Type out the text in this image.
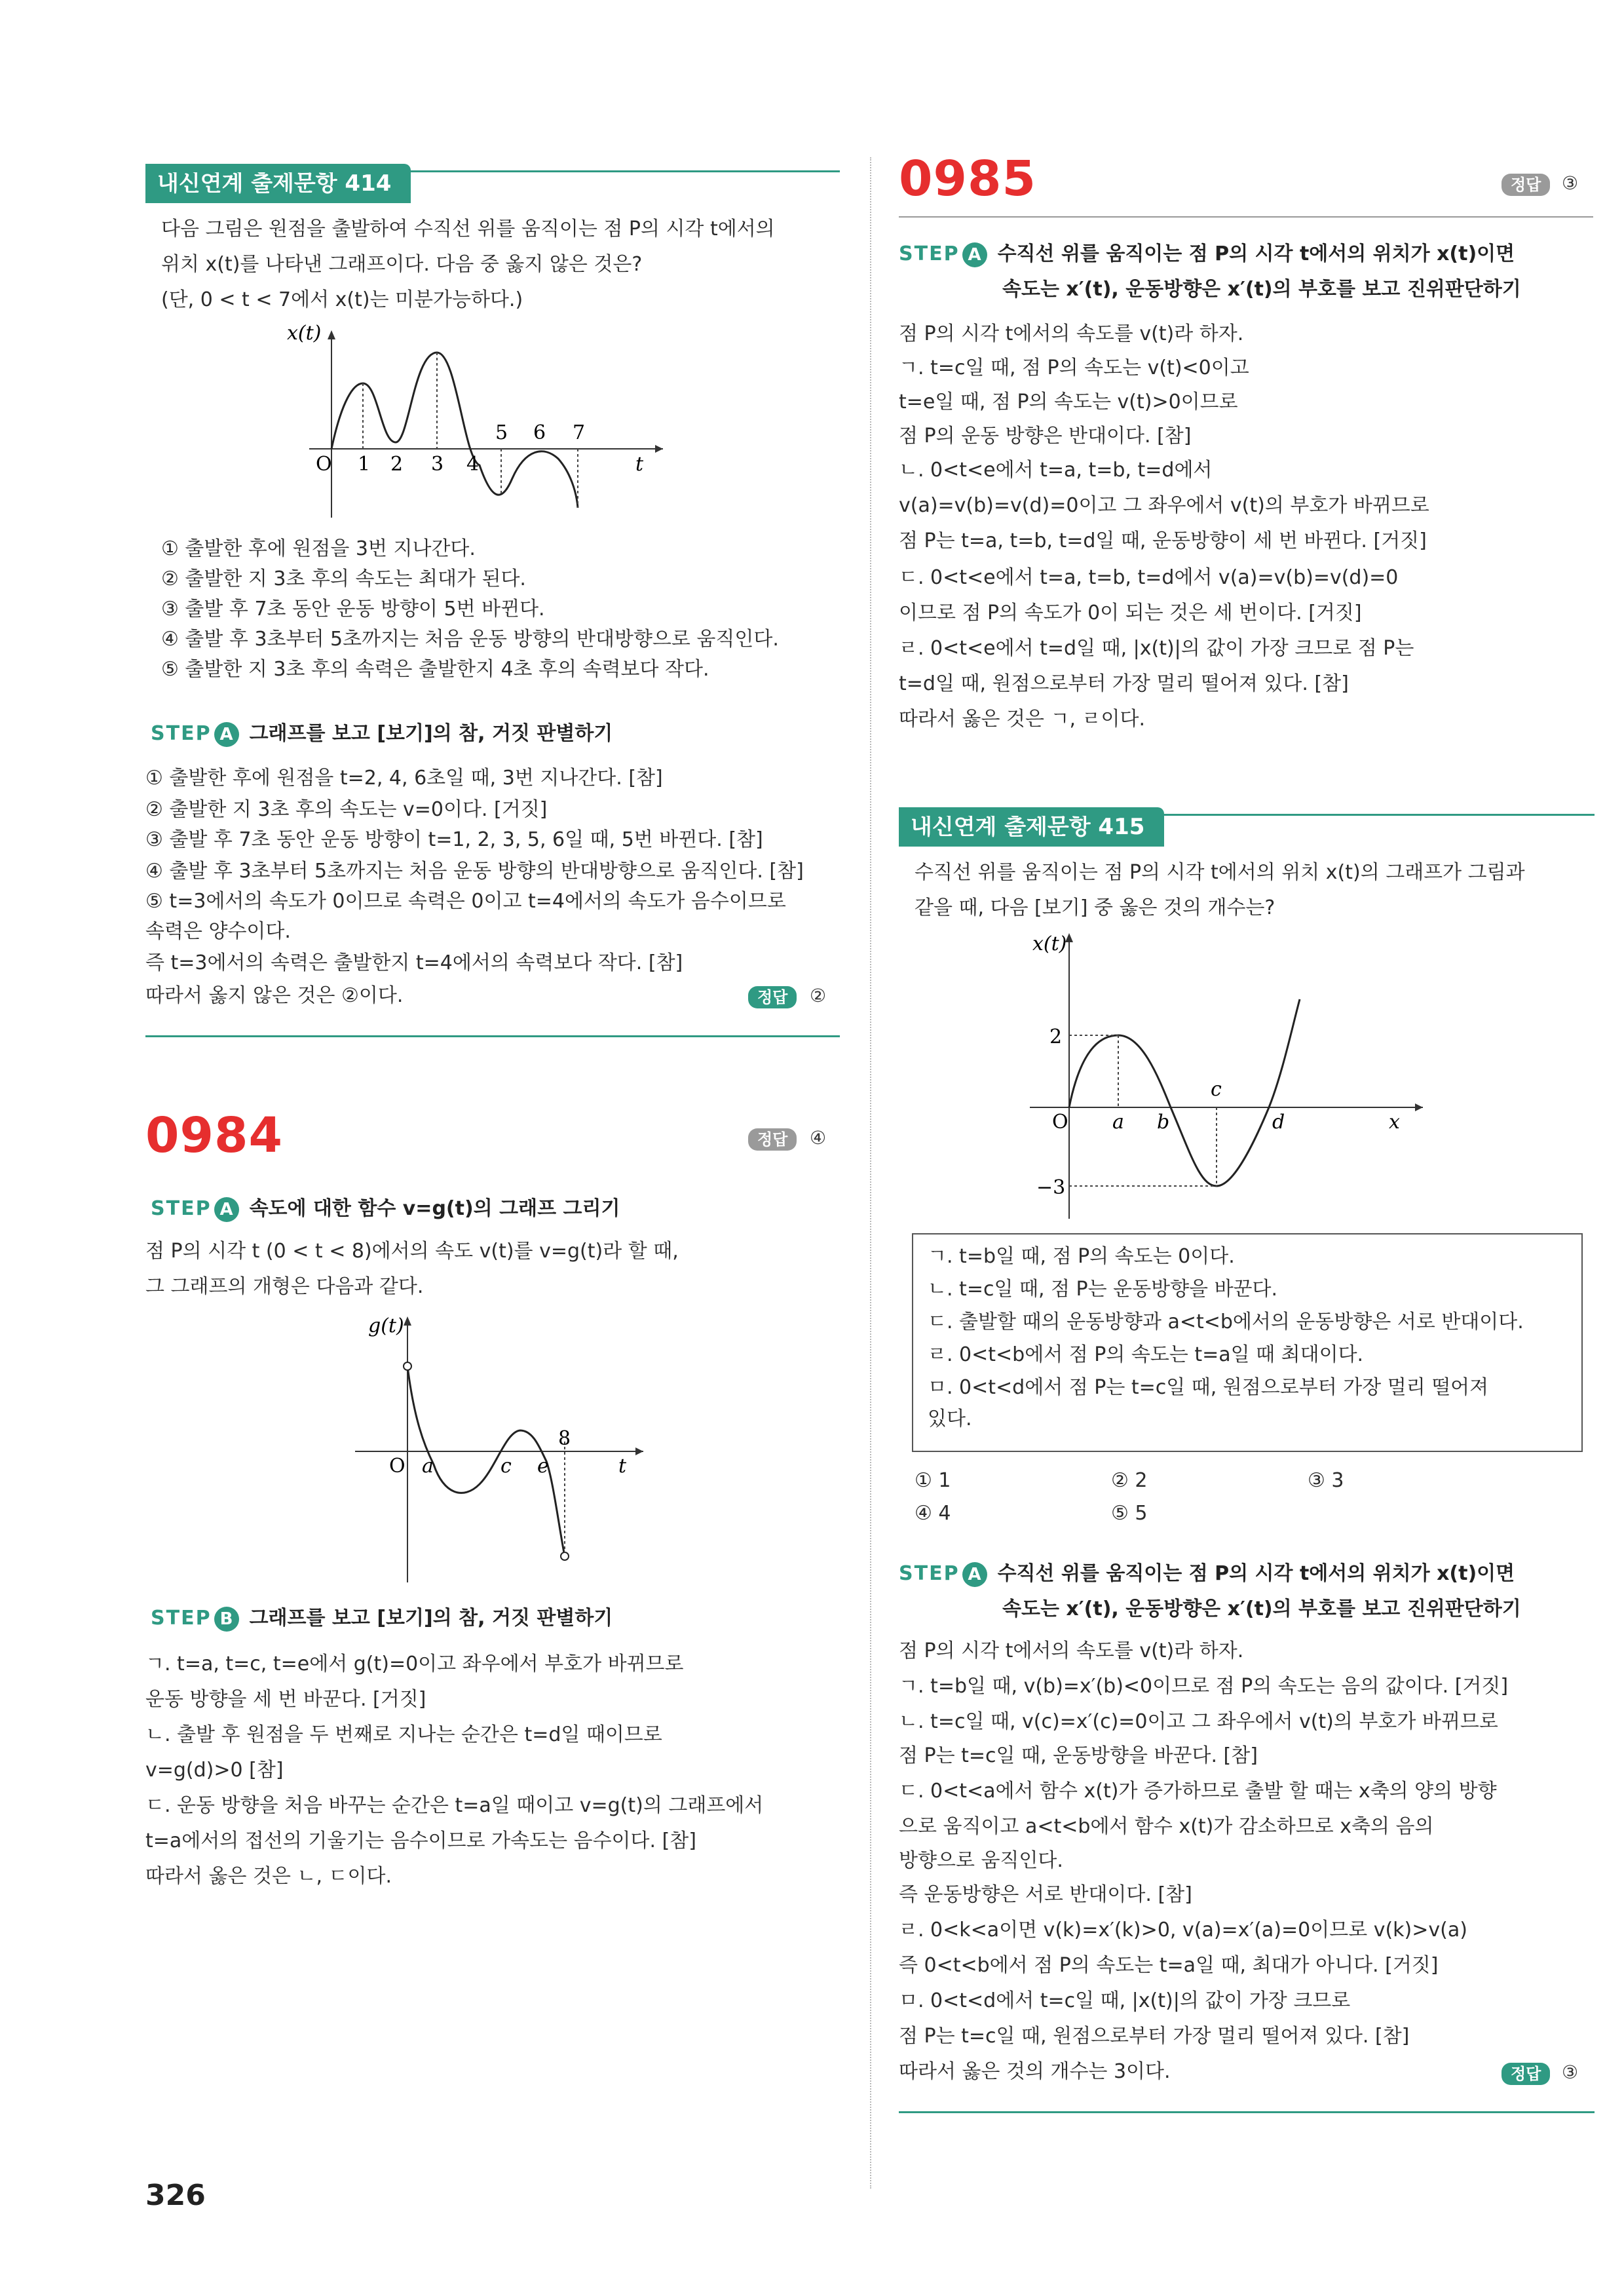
내신연계 출제문항 414
다음 그림은 원점을 출발하여 수직선 위를 움직이는 점 P의 시각 t에서의
위치 x(t)를 나타낸 그래프이다. 다음 중 옳지 않은 것은?
(단, 0 < t < 7에서 x(t)는 미분가능하다.)
x(t)
O 1 2 3 4
5 6 7
t
① 출발한 후에 원점을 3번 지나간다.
② 출발한 지 3초 후의 속도는 최대가 된다.
③ 출발 후 7초 동안 운동 방향이 5번 바뀐다.
④ 출발 후 3초부터 5초까지는 처음 운동 방향의 반대방향으로 움직인다.
⑤ 출발한 지 3초 후의 속력은 출발한지 4초 후의 속력보다 작다.
STEP A 그래프를 보고 [보기]의 참, 거짓 판별하기
① 출발한 후에 원점을 t=2, 4, 6초일 때, 3번 지나간다. [참]
② 출발한 지 3초 후의 속도는 v=0이다. [거짓]
③ 출발 후 7초 동안 운동 방향이 t=1, 2, 3, 5, 6일 때, 5번 바뀐다. [참]
④ 출발 후 3초부터 5초까지는 처음 운동 방향의 반대방향으로 움직인다. [참]
⑤ t=3에서의 속도가 0이므로 속력은 0이고 t=4에서의 속도가 음수이므로
속력은 양수이다.
즉 t=3에서의 속력은 출발한지 t=4에서의 속력보다 작다. [참]
따라서 옳지 않은 것은 ②이다.	정답	②
0984	정답	④
STEP A 속도에 대한 함수 v=g(t)의 그래프 그리기
점 P의 시각 t (0 < t < 8)에서의 속도 v(t)를 v=g(t)라 할 때,
그 그래프의 개형은 다음과 같다.
g(t)
O a	c e
8
t
STEP B 그래프를 보고 [보기]의 참, 거짓 판별하기
ㄱ. t=a, t=c, t=e에서 g(t)=0이고 좌우에서 부호가 바뀌므로
운동 방향을 세 번 바꾼다. [거짓]
ㄴ. 출발 후 원점을 두 번째로 지나는 순간은 t=d일 때이므로
v=g(d)>0 [참]
ㄷ. 운동 방향을 처음 바꾸는 순간은 t=a일 때이고 v=g(t)의 그래프에서
t=a에서의 접선의 기울기는 음수이므로 가속도는 음수이다. [참]
따라서 옳은 것은 ㄴ, ㄷ이다.
0985	정답	③
STEP A 수직선 위를 움직이는 점 P의 시각 t에서의 위치가 x(t)이면
속도는 x′(t), 운동방향은 x′(t)의 부호를 보고 진위판단하기
점 P의 시각 t에서의 속도를 v(t)라 하자.
ㄱ. t=c일 때, 점 P의 속도는 v(t)<0이고
t=e일 때, 점 P의 속도는 v(t)>0이므로
점 P의 운동 방향은 반대이다. [참]
ㄴ. 0<t<e에서 t=a, t=b, t=d에서
v(a)=v(b)=v(d)=0이고 그 좌우에서 v(t)의 부호가 바뀌므로
점 P는 t=a, t=b, t=d일 때, 운동방향이 세 번 바뀐다. [거짓]
ㄷ. 0<t<e에서 t=a, t=b, t=d에서 v(a)=v(b)=v(d)=0
이므로 점 P의 속도가 0이 되는 것은 세 번이다. [거짓]
ㄹ. 0<t<e에서 t=d일 때, |x(t)|의 값이 가장 크므로 점 P는
t=d일 때, 원점으로부터 가장 멀리 떨어져 있다. [참]
따라서 옳은 것은 ㄱ, ㄹ이다.
내신연계 출제문항 415
수직선 위를 움직이는 점 P의 시각 t에서의 위치 x(t)의 그래프가 그림과
같을 때, 다음 [보기] 중 옳은 것의 개수는?
x(t)
2
−3
O a b
c
d	x
ㄱ. t=b일 때, 점 P의 속도는 0이다.
ㄴ. t=c일 때, 점 P는 운동방향을 바꾼다.
ㄷ. 출발할 때의 운동방향과 a<t<b에서의 운동방향은 서로 반대이다.
ㄹ. 0<t<b에서 점 P의 속도는 t=a일 때 최대이다.
ㅁ. 0<t<d에서 점 P는 t=c일 때, 원점으로부터 가장 멀리 떨어져
있다.
① 1	② 2	③ 3
④ 4	⑤ 5
STEP A 수직선 위를 움직이는 점 P의 시각 t에서의 위치가 x(t)이면
속도는 x′(t), 운동방향은 x′(t)의 부호를 보고 진위판단하기
점 P의 시각 t에서의 속도를 v(t)라 하자.
ㄱ. t=b일 때, v(b)=x′(b)<0이므로 점 P의 속도는 음의 값이다. [거짓]
ㄴ. t=c일 때, v(c)=x′(c)=0이고 그 좌우에서 v(t)의 부호가 바뀌므로
점 P는 t=c일 때, 운동방향을 바꾼다. [참]
ㄷ. 0<t<a에서 함수 x(t)가 증가하므로 출발 할 때는 x축의 양의 방향
으로 움직이고 a<t<b에서 함수 x(t)가 감소하므로 x축의 음의
방향으로 움직인다.
즉 운동방향은 서로 반대이다. [참]
ㄹ. 0<k<a이면 v(k)=x′(k)>0, v(a)=x′(a)=0이므로 v(k)>v(a)
즉 0<t<b에서 점 P의 속도는 t=a일 때, 최대가 아니다. [거짓]
ㅁ. 0<t<d에서 t=c일 때, |x(t)|의 값이 가장 크므로
점 P는 t=c일 때, 원점으로부터 가장 멀리 떨어져 있다. [참]
따라서 옳은 것의 개수는 3이다.	정답	③
326
